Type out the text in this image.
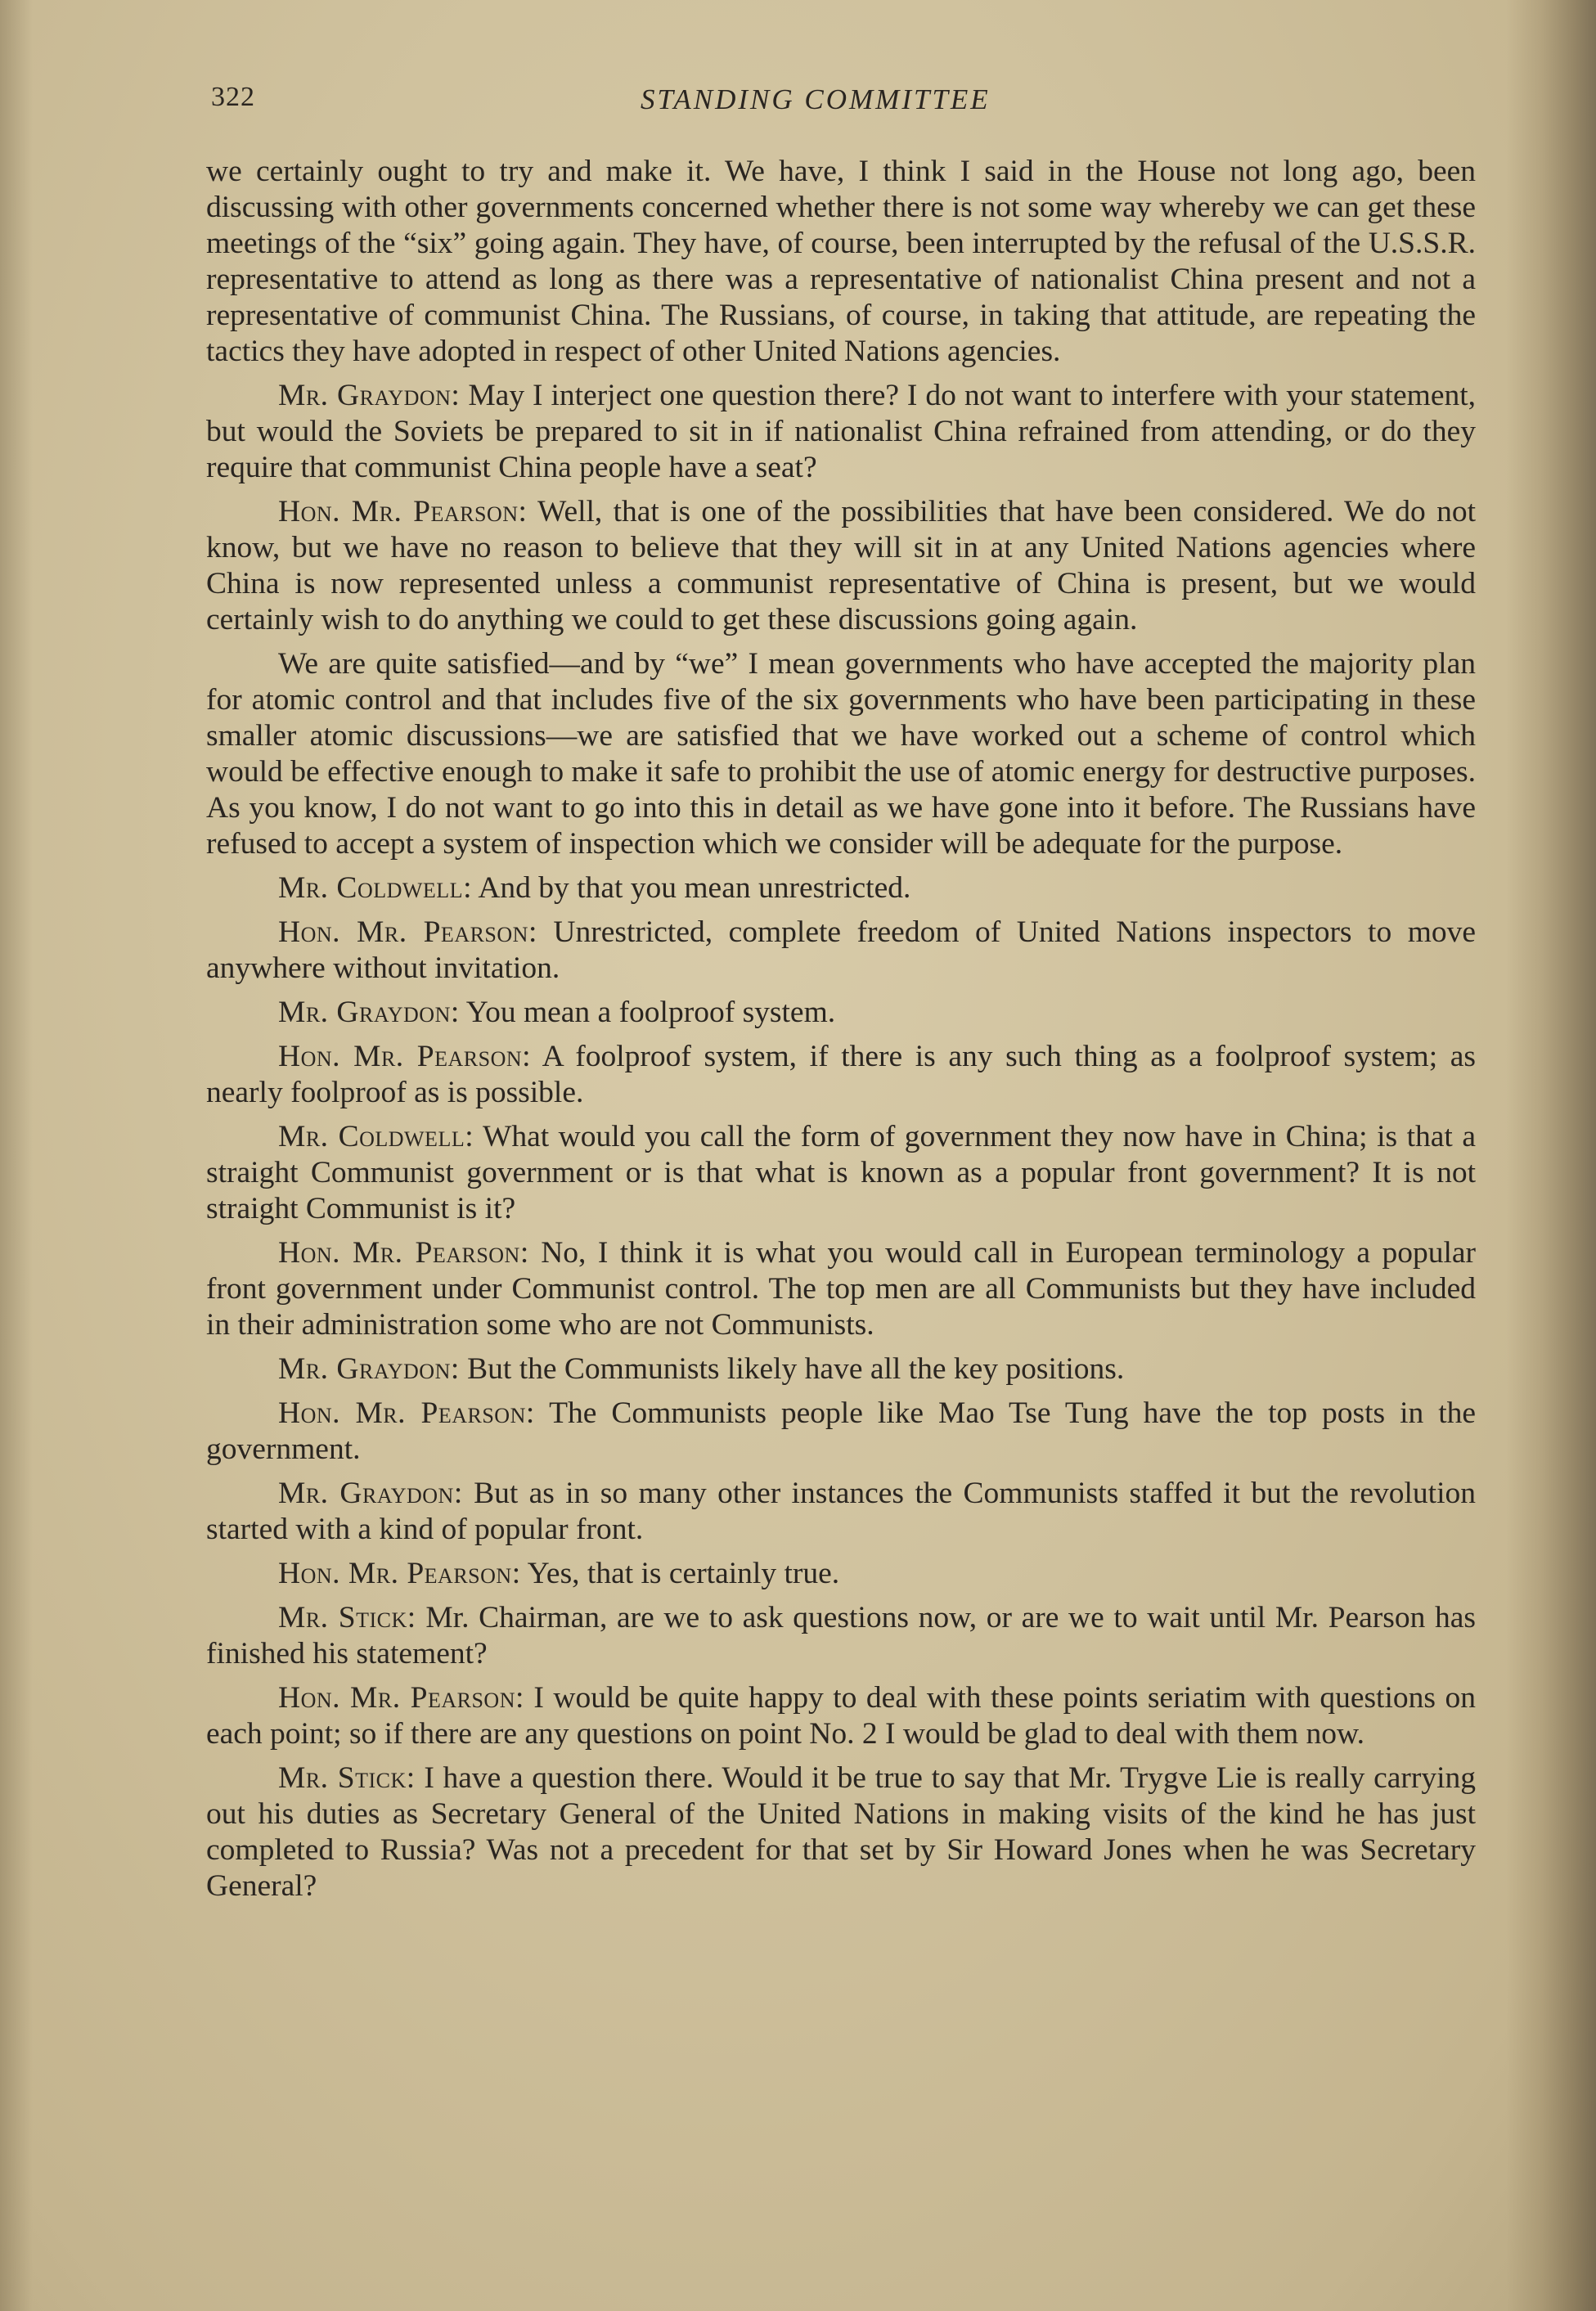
322	STANDING COMMITTEE

we certainly ought to try and make it. We have, I think I said in the House not long ago, been discussing with other governments concerned whether there is not some way whereby we can get these meetings of the “six” going again. They have, of course, been interrupted by the refusal of the U.S.S.R. representative to attend as long as there was a representative of nationalist China present and not a representative of communist China. The Russians, of course, in taking that attitude, are repeating the tactics they have adopted in respect of other United Nations agencies.

Mr. Graydon: May I interject one question there? I do not want to interfere with your statement, but would the Soviets be prepared to sit in if nationalist China refrained from attending, or do they require that communist China people have a seat?

Hon. Mr. Pearson: Well, that is one of the possibilities that have been considered. We do not know, but we have no reason to believe that they will sit in at any United Nations agencies where China is now represented unless a communist representative of China is present, but we would certainly wish to do anything we could to get these discussions going again.

We are quite satisfied—and by “we” I mean governments who have accepted the majority plan for atomic control and that includes five of the six governments who have been participating in these smaller atomic discussions—we are satisfied that we have worked out a scheme of control which would be effective enough to make it safe to prohibit the use of atomic energy for destructive purposes. As you know, I do not want to go into this in detail as we have gone into it before. The Russians have refused to accept a system of inspection which we consider will be adequate for the purpose.

Mr. Coldwell: And by that you mean unrestricted.

Hon. Mr. Pearson: Unrestricted, complete freedom of United Nations inspectors to move anywhere without invitation.

Mr. Graydon: You mean a foolproof system.

Hon. Mr. Pearson: A foolproof system, if there is any such thing as a foolproof system; as nearly foolproof as is possible.

Mr. Coldwell: What would you call the form of government they now have in China; is that a straight Communist government or is that what is known as a popular front government? It is not straight Communist is it?

Hon. Mr. Pearson: No, I think it is what you would call in European terminology a popular front government under Communist control. The top men are all Communists but they have included in their administration some who are not Communists.

Mr. Graydon: But the Communists likely have all the key positions.

Hon. Mr. Pearson: The Communists people like Mao Tse Tung have the top posts in the government.

Mr. Graydon: But as in so many other instances the Communists staffed it but the revolution started with a kind of popular front.

Hon. Mr. Pearson: Yes, that is certainly true.

Mr. Stick: Mr. Chairman, are we to ask questions now, or are we to wait until Mr. Pearson has finished his statement?

Hon. Mr. Pearson: I would be quite happy to deal with these points seriatim with questions on each point; so if there are any questions on point No. 2 I would be glad to deal with them now.

Mr. Stick: I have a question there. Would it be true to say that Mr. Trygve Lie is really carrying out his duties as Secretary General of the United Nations in making visits of the kind he has just completed to Russia? Was not a precedent for that set by Sir Howard Jones when he was Secretary General?
